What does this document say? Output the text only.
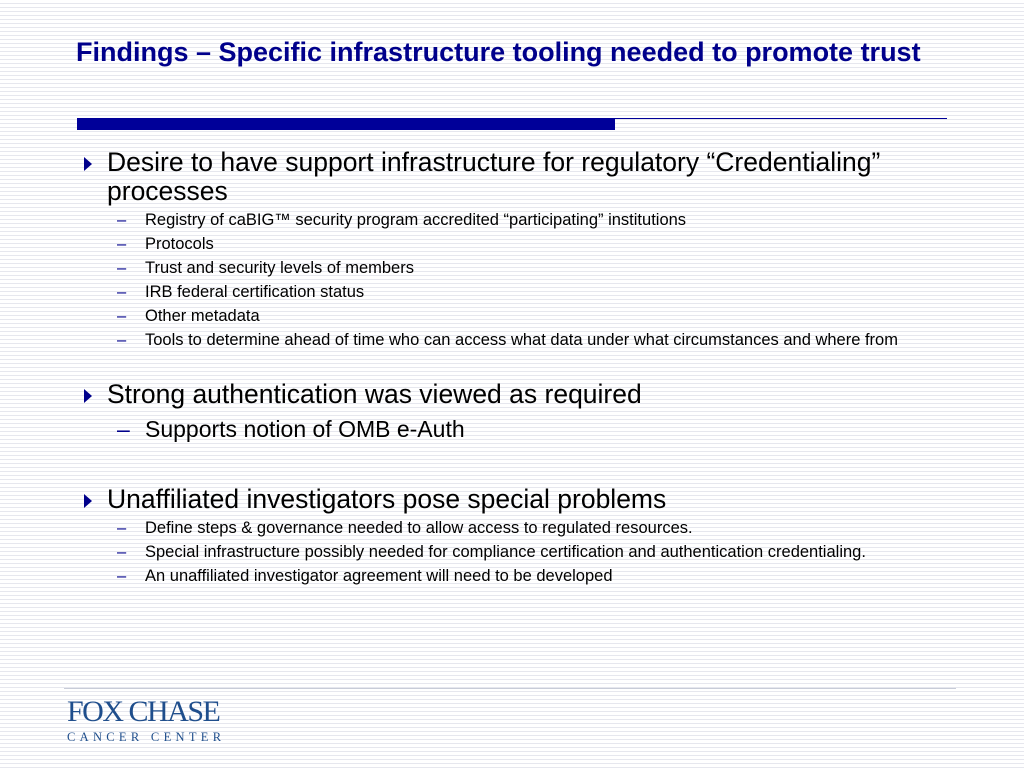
Findings – Specific infrastructure tooling needed to promote trust
Desire to have support infrastructure for regulatory “Credentialing” processes
– Registry of caBIG™ security program accredited “participating” institutions
– Protocols
– Trust and security levels of members
– IRB federal certification status
– Other metadata
– Tools to determine ahead of time who can access what data under what circumstances and where from
Strong authentication was viewed as required
– Supports notion of OMB e-Auth
Unaffiliated investigators pose special problems
– Define steps & governance needed to allow access to regulated resources.
– Special infrastructure possibly needed for compliance certification and authentication credentialing.
– An unaffiliated investigator agreement will need to be developed
FOX CHASE
CANCER CENTER
